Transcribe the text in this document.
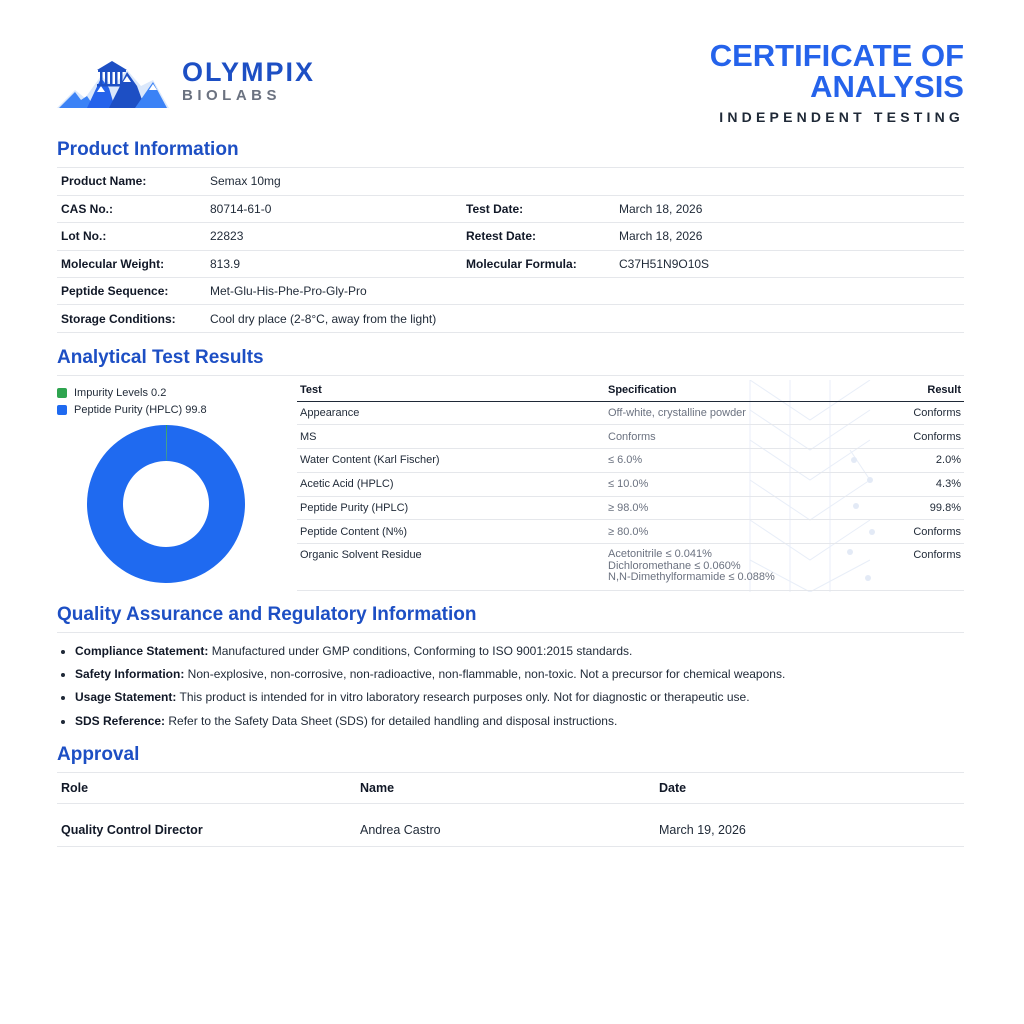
OLYMPIX
BIOLABS
CERTIFICATE OF
ANALYSIS
INDEPENDENT TESTING
Product Information
Product Name:	Semax 10mg		
CAS No.:	80714-61-0	Test Date:	March 18, 2026
Lot No.:	22823	Retest Date:	March 18, 2026
Molecular Weight:	813.9	Molecular Formula:	C37H51N9O10S
Peptide Sequence:	Met-Glu-His-Phe-Pro-Gly-Pro		
Storage Conditions:	Cool dry place (2-8°C, away from the light)		
Analytical Test Results
Impurity Levels 0.2
Peptide Purity (HPLC) 99.8
Test	Specification	Result
Appearance	Off-white, crystalline powder	Conforms
MS	Conforms	Conforms
Water Content (Karl Fischer)	≤ 6.0%	2.0%
Acetic Acid (HPLC)	≤ 10.0%	4.3%
Peptide Purity (HPLC)	≥ 98.0%	99.8%
Peptide Content (N%)	≥ 80.0%	Conforms
Organic Solvent Residue	Acetonitrile ≤ 0.041%
Dichloromethane ≤ 0.060%
N,N-Dimethylformamide ≤ 0.088%	Conforms
Quality Assurance and Regulatory Information
• Compliance Statement: Manufactured under GMP conditions, Conforming to ISO 9001:2015 standards.
• Safety Information: Non-explosive, non-corrosive, non-radioactive, non-flammable, non-toxic. Not a precursor for chemical weapons.
• Usage Statement: This product is intended for in vitro laboratory research purposes only. Not for diagnostic or therapeutic use.
• SDS Reference: Refer to the Safety Data Sheet (SDS) for detailed handling and disposal instructions.
Approval
Role	Name	Date
Quality Control Director	Andrea Castro	March 19, 2026
